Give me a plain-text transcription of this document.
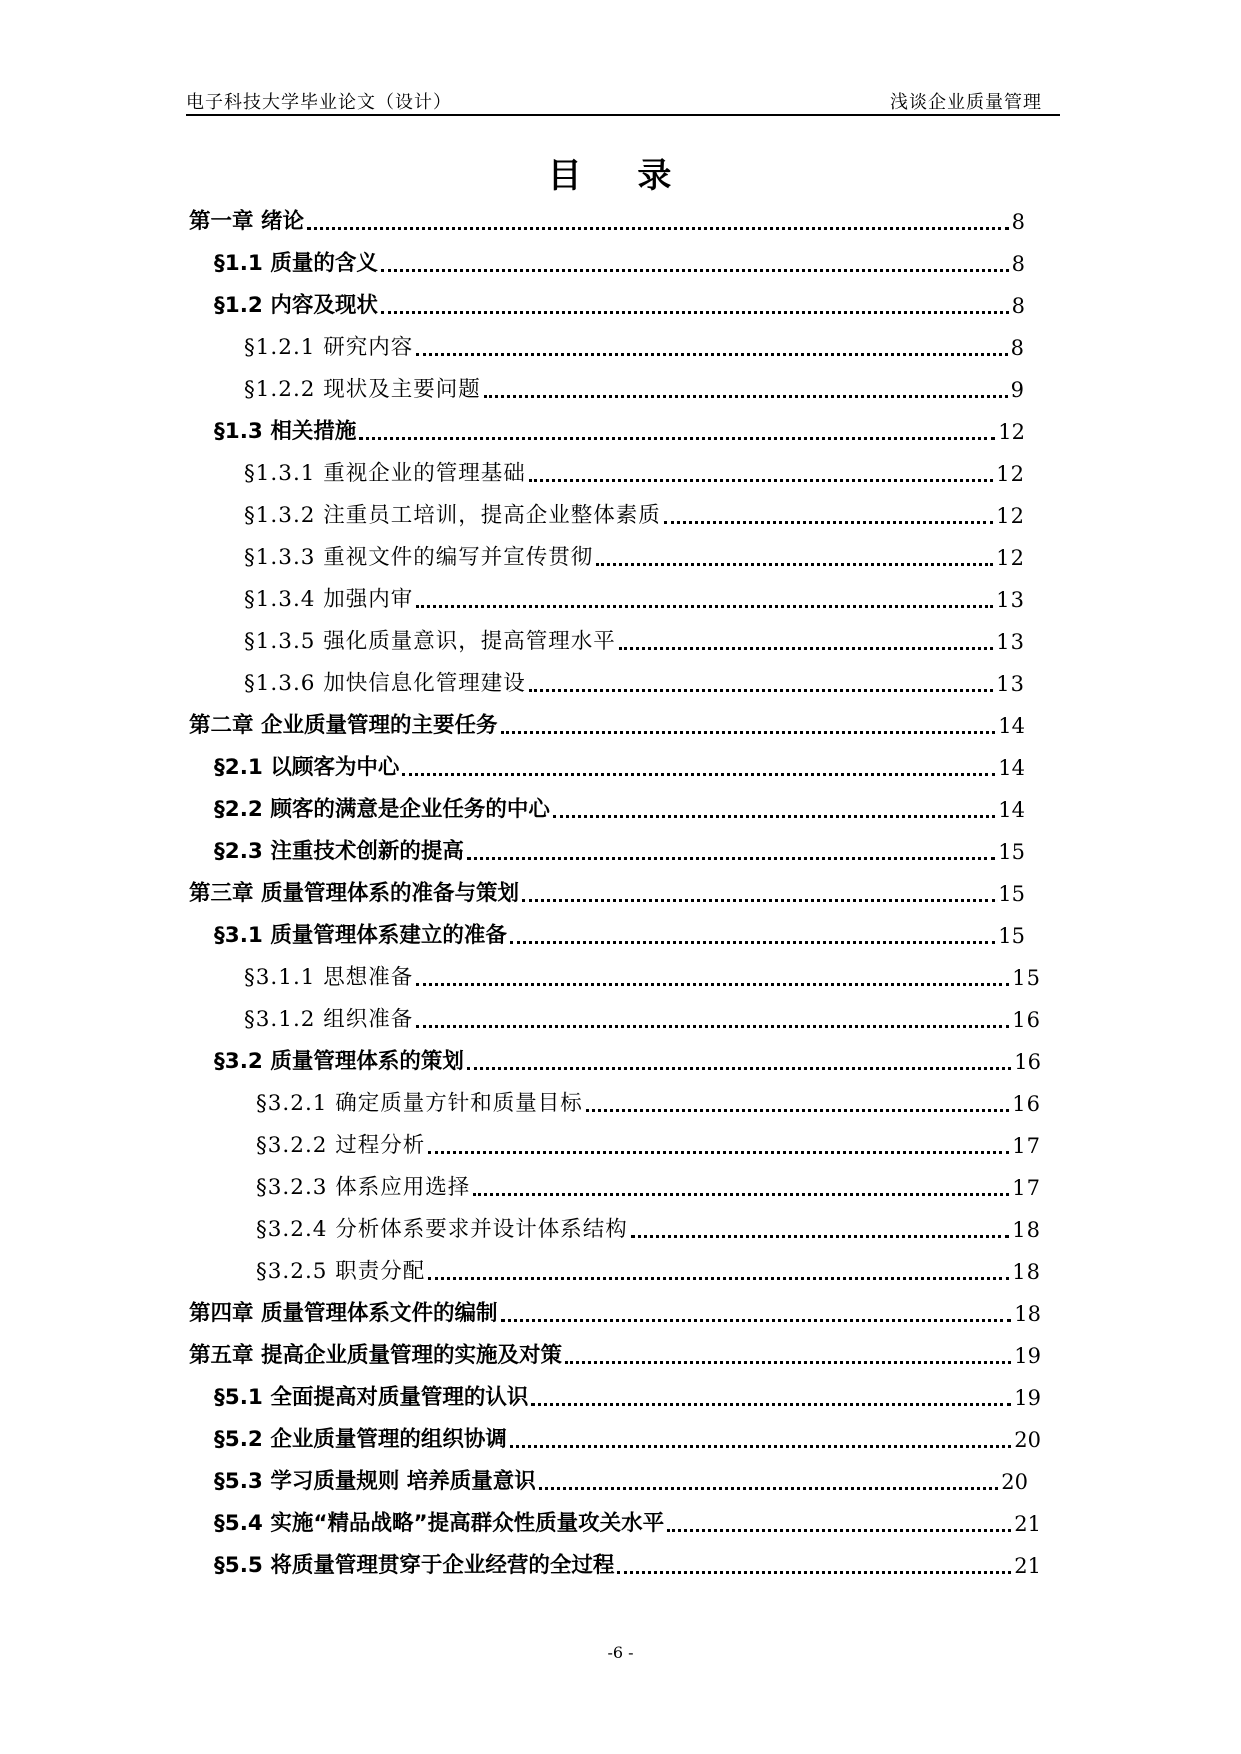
电子科技大学毕业论文（设计）	浅谈企业质量管理
目 录
第一章 绪论	8
§1.1 质量的含义	8
§1.2 内容及现状	8
§1.2.1 研究内容	8
§1.2.2 现状及主要问题	9
§1.3 相关措施	12
§1.3.1 重视企业的管理基础	12
§1.3.2 注重员工培训，提高企业整体素质	12
§1.3.3 重视文件的编写并宣传贯彻	12
§1.3.4 加强内审	13
§1.3.5 强化质量意识，提高管理水平	13
§1.3.6 加快信息化管理建设	13
第二章 企业质量管理的主要任务	14
§2.1 以顾客为中心	14
§2.2 顾客的满意是企业任务的中心	14
§2.3 注重技术创新的提高	15
第三章 质量管理体系的准备与策划	15
§3.1 质量管理体系建立的准备	15
§3.1.1 思想准备	15
§3.1.2 组织准备	16
§3.2 质量管理体系的策划	16
§3.2.1 确定质量方针和质量目标	16
§3.2.2 过程分析	17
§3.2.3 体系应用选择	17
§3.2.4 分析体系要求并设计体系结构	18
§3.2.5 职责分配	18
第四章 质量管理体系文件的编制	18
第五章 提高企业质量管理的实施及对策	19
§5.1 全面提高对质量管理的认识	19
§5.2 企业质量管理的组织协调	20
§5.3 学习质量规则 培养质量意识	20
§5.4 实施“精品战略”提高群众性质量攻关水平	21
§5.5 将质量管理贯穿于企业经营的全过程	21
-6 -
